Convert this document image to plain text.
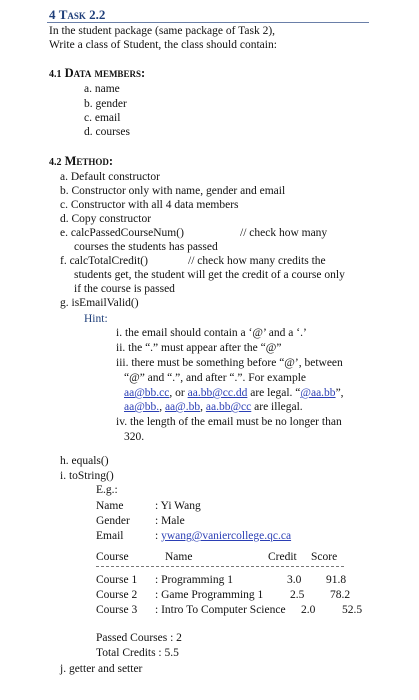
4 Task 2.2
In the student package (same package of Task 2),
Write a class of Student, the class should contain:
4.1 Data members:
a. name
b. gender
c. email
d. courses
4.2 Method:
a. Default constructor
b. Constructor only with name, gender and email
c. Constructor with all 4 data members
d. Copy constructor
e. calcPassedCourseNum()	// check how many
courses the students has passed
f. calcTotalCredit()	// check how many credits the
students get, the student will get the credit of a course only
if the course is passed
g. isEmailValid()
Hint:
i. the email should contain a ‘@’ and a ‘.’
ii. the “.” must appear after the “@”
iii. there must be something before “@’, between
“@” and “.”, and after “.”. For example
aa@bb.cc, or aa.bb@cc.dd are legal. “@aa.bb”,
aa@bb., aa@.bb, aa.bb@cc are illegal.
iv. the length of the email must be no longer than
320.
h. equals()
i. toString()
E.g.:
Name	: Yi Wang
Gender : Male
Email	: ywang@vaniercollege.qc.ca
Course	Name	Credit Score
Course 1 : Programming 1	3.0 91.8
Course 2 : Game Programming 1 2.5 78.2
Course 3 : Intro To Computer Science 2.0 52.5
Passed Courses : 2
Total Credits : 5.5
j. getter and setter
